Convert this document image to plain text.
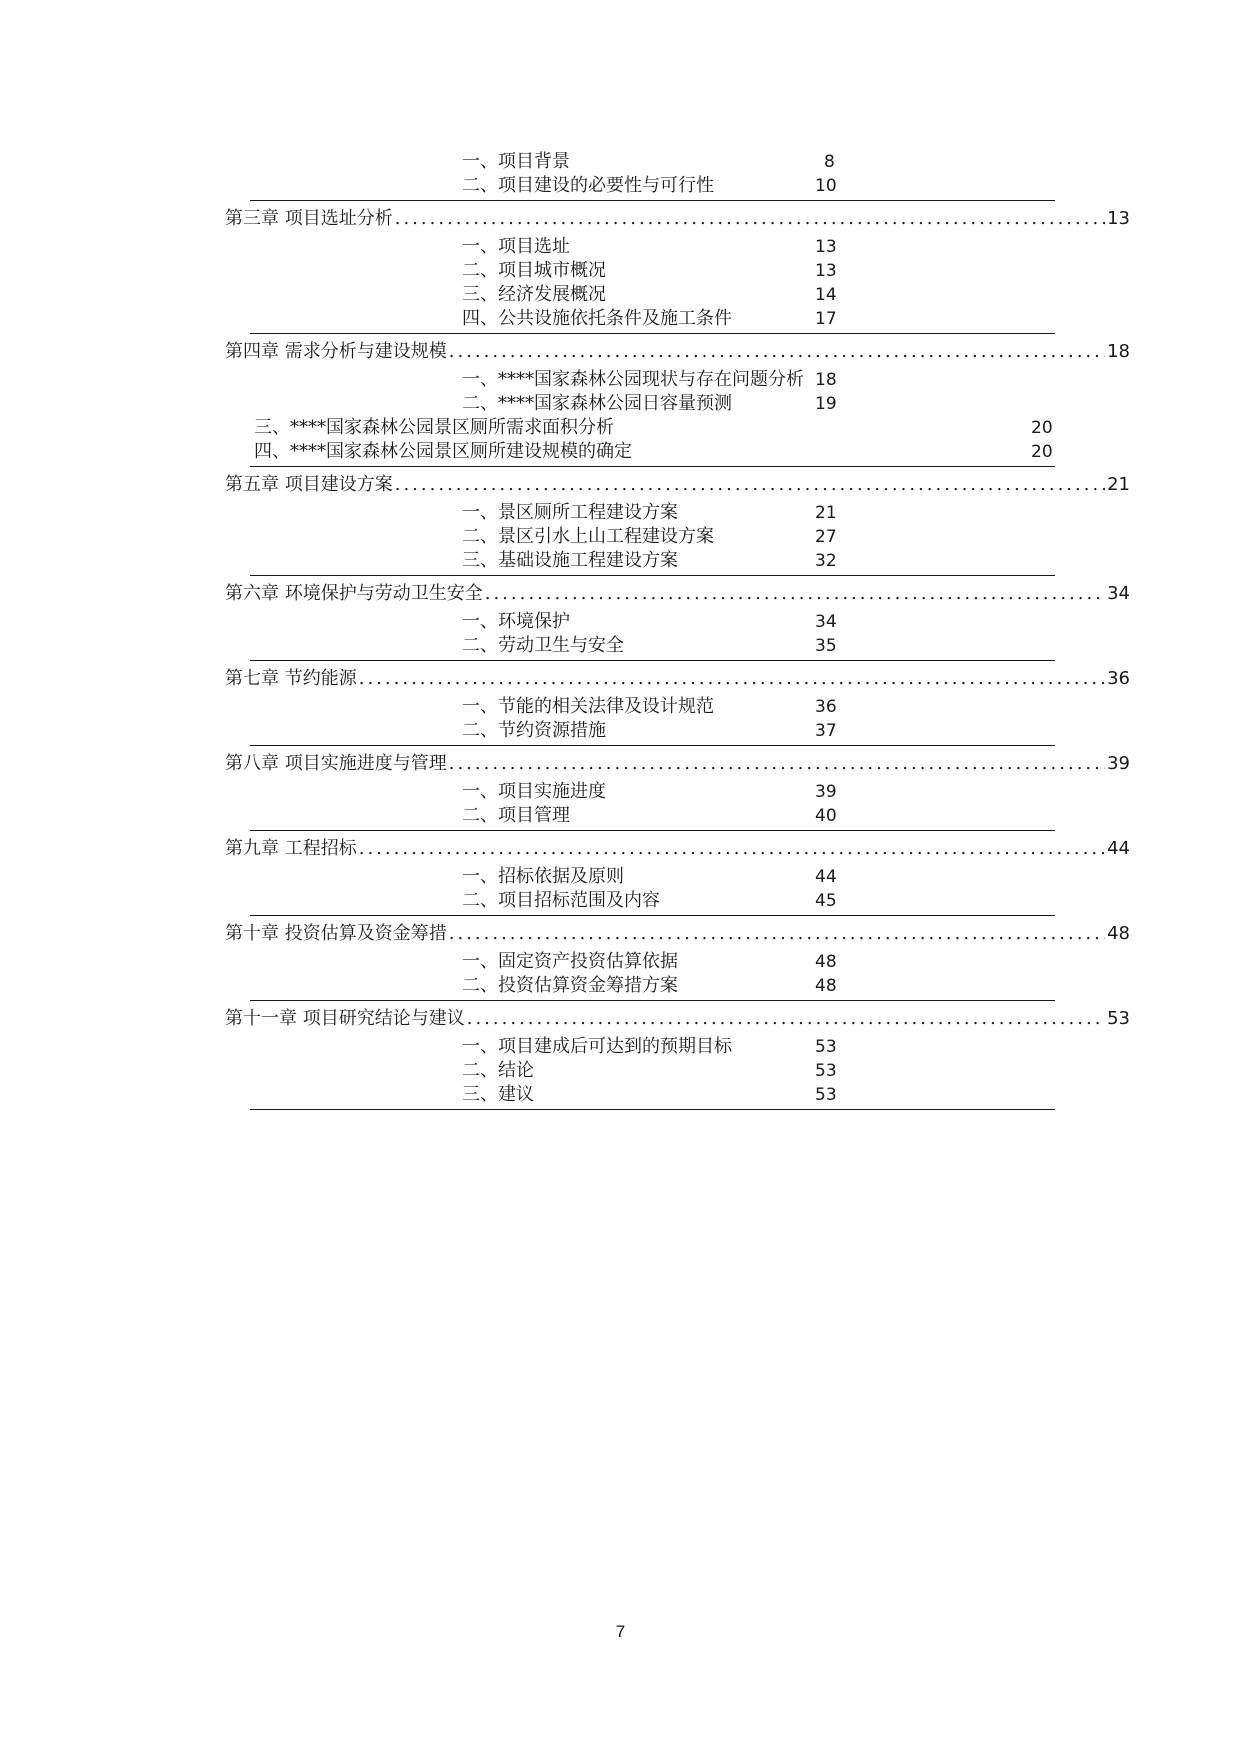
一、项目背景	8
二、项目建设的必要性与可行性	10
第三章 项目选址分析 .....	13
一、项目选址	13
二、项目城市概况	13
三、经济发展概况	14
四、公共设施依托条件及施工条件	17
第四章 需求分析与建设规模 .....	18
一、****国家森林公园现状与存在问题分析 18
二、****国家森林公园日容量预测	19
三、****国家森林公园景区厕所需求面积分析	20
四、****国家森林公园景区厕所建设规模的确定	20
第五章 项目建设方案 .....	21
一、景区厕所工程建设方案	21
二、景区引水上山工程建设方案	27
三、基础设施工程建设方案	32
第六章 环境保护与劳动卫生安全 .....	34
一、环境保护	34
二、劳动卫生与安全	35
第七章 节约能源 .....	36
一、节能的相关法律及设计规范	36
二、节约资源措施	37
第八章 项目实施进度与管理 .....	39
一、项目实施进度	39
二、项目管理	40
第九章 工程招标 .....	44
一、招标依据及原则	44
二、项目招标范围及内容	45
第十章 投资估算及资金筹措 .....	48
一、固定资产投资估算依据	48
二、投资估算资金筹措方案	48
第十一章 项目研究结论与建议 .....	53
一、项目建成后可达到的预期目标	53
二、结论	53
三、建议	53
7
